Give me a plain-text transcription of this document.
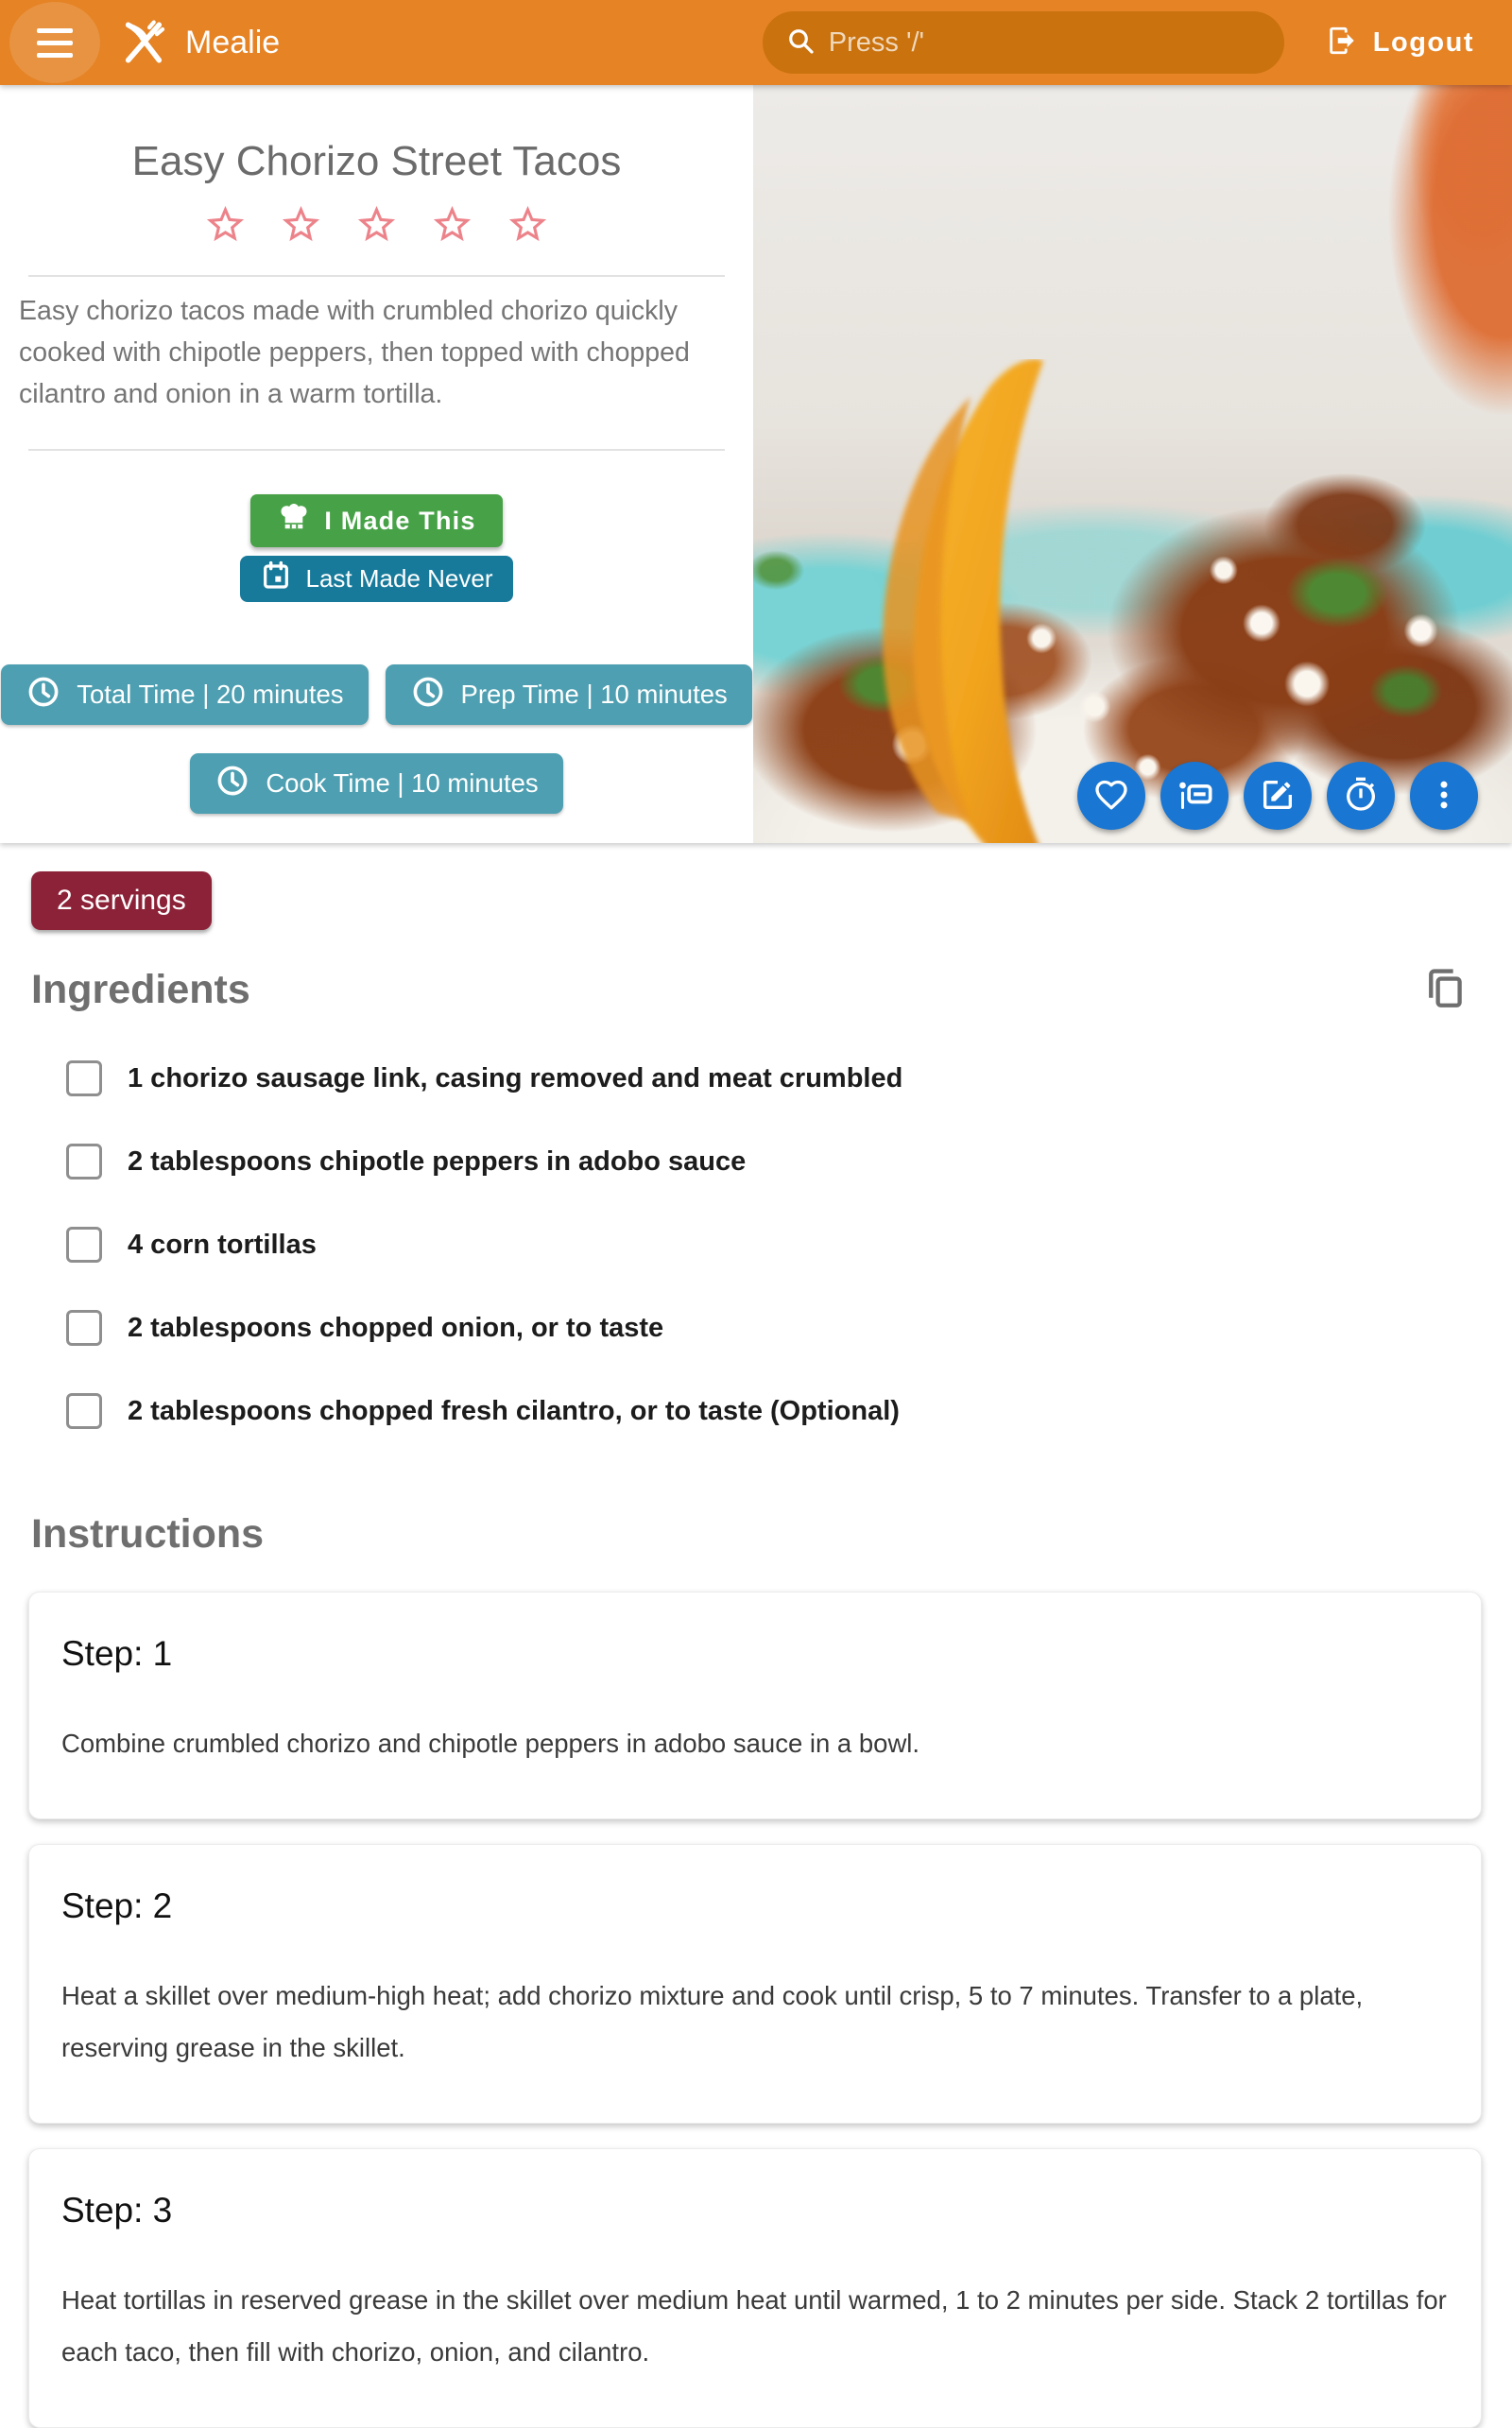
Mealie
Press '/'	Logout
Easy Chorizo Street Tacos

Easy chorizo tacos made with crumbled chorizo quickly cooked with chipotle peppers, then topped with chopped cilantro and onion in a warm tortilla.

I Made This
Last Made Never
Total Time | 20 minutes	Prep Time | 10 minutes
Cook Time | 10 minutes
2 servings
Ingredients
1 chorizo sausage link, casing removed and meat crumbled
2 tablespoons chipotle peppers in adobo sauce
4 corn tortillas
2 tablespoons chopped onion, or to taste
2 tablespoons chopped fresh cilantro, or to taste (Optional)
Instructions
Step: 1
Combine crumbled chorizo and chipotle peppers in adobo sauce in a bowl.
Step: 2
Heat a skillet over medium-high heat; add chorizo mixture and cook until crisp, 5 to 7 minutes. Transfer to a plate, reserving grease in the skillet.
Step: 3
Heat tortillas in reserved grease in the skillet over medium heat until warmed, 1 to 2 minutes per side. Stack 2 tortillas for each taco, then fill with chorizo, onion, and cilantro.
